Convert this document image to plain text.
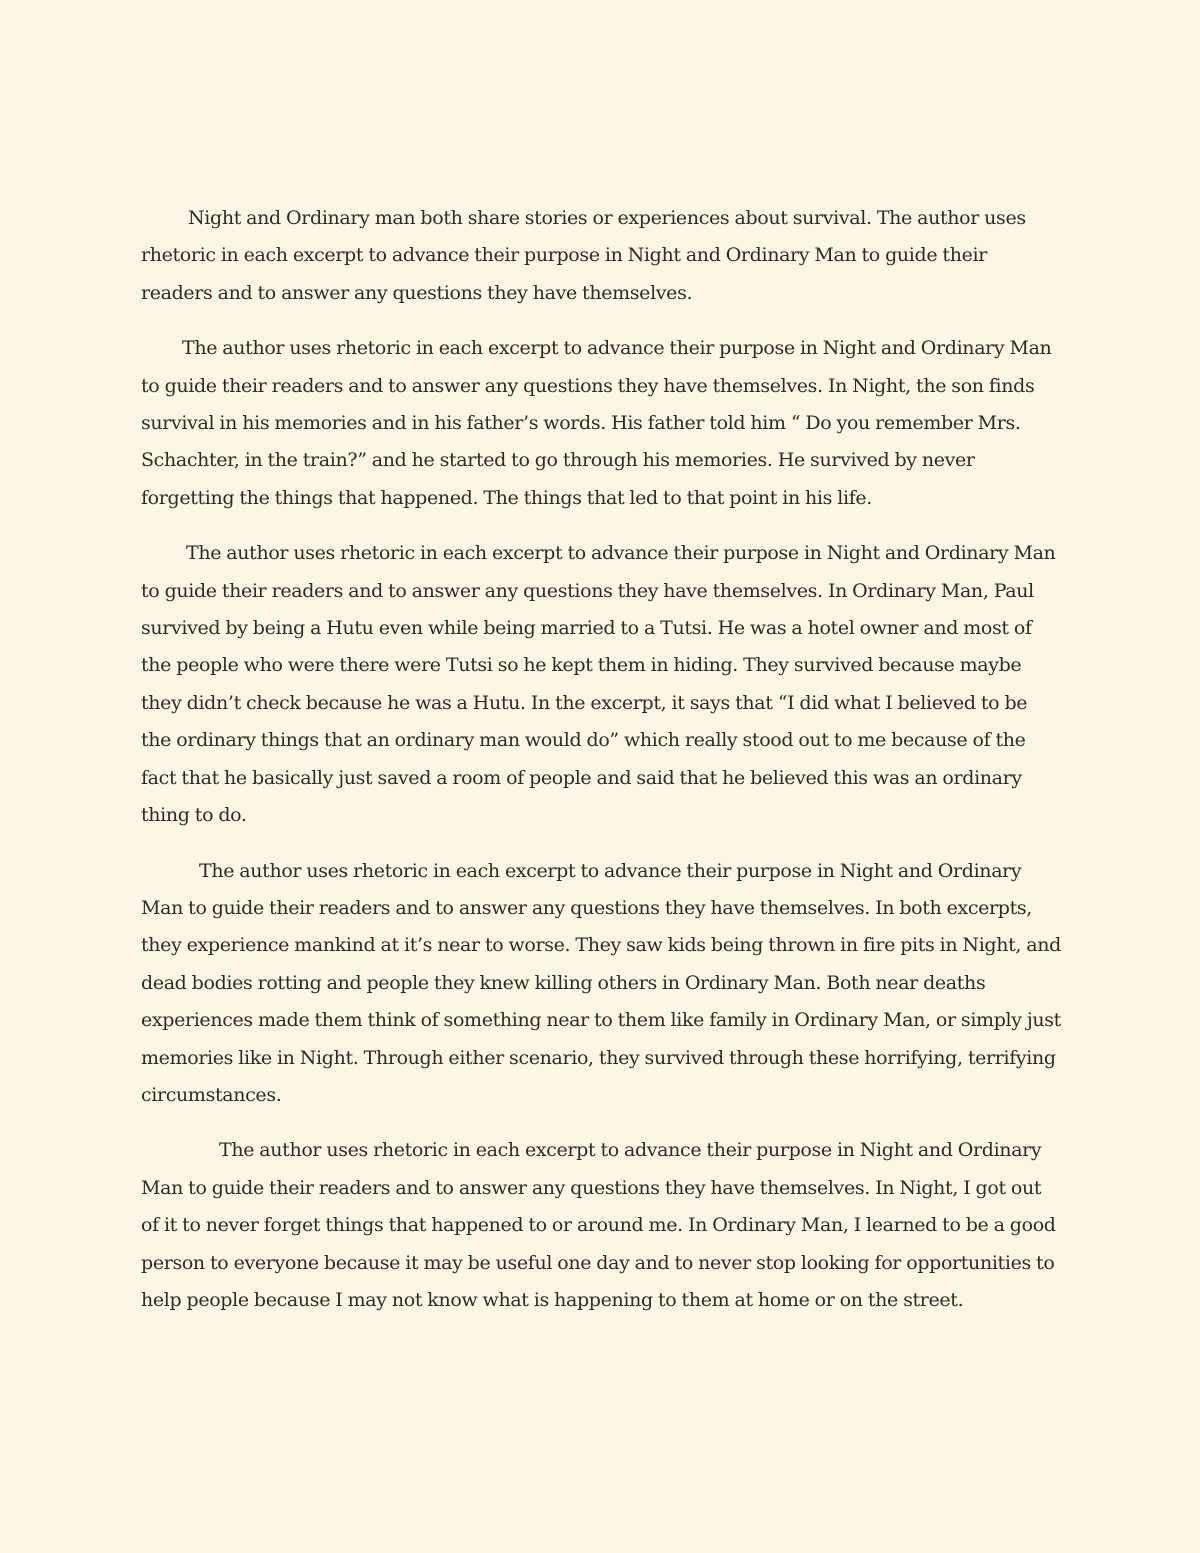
Night and Ordinary man both share stories or experiences about survival. The author uses rhetoric in each excerpt to advance their purpose in Night and Ordinary Man to guide their readers and to answer any questions they have themselves.

The author uses rhetoric in each excerpt to advance their purpose in Night and Ordinary Man to guide their readers and to answer any questions they have themselves. In Night, the son finds survival in his memories and in his father’s words. His father told him “ Do you remember Mrs. Schachter, in the train?” and he started to go through his memories. He survived by never forgetting the things that happened. The things that led to that point in his life.

The author uses rhetoric in each excerpt to advance their purpose in Night and Ordinary Man to guide their readers and to answer any questions they have themselves. In Ordinary Man, Paul survived by being a Hutu even while being married to a Tutsi. He was a hotel owner and most of the people who were there were Tutsi so he kept them in hiding. They survived because maybe they didn’t check because he was a Hutu. In the excerpt, it says that “I did what I believed to be the ordinary things that an ordinary man would do” which really stood out to me because of the fact that he basically just saved a room of people and said that he believed this was an ordinary thing to do.

The author uses rhetoric in each excerpt to advance their purpose in Night and Ordinary Man to guide their readers and to answer any questions they have themselves. In both excerpts, they experience mankind at it’s near to worse. They saw kids being thrown in fire pits in Night, and dead bodies rotting and people they knew killing others in Ordinary Man. Both near deaths experiences made them think of something near to them like family in Ordinary Man, or simply just memories like in Night. Through either scenario, they survived through these horrifying, terrifying circumstances.

The author uses rhetoric in each excerpt to advance their purpose in Night and Ordinary Man to guide their readers and to answer any questions they have themselves. In Night, I got out of it to never forget things that happened to or around me. In Ordinary Man, I learned to be a good person to everyone because it may be useful one day and to never stop looking for opportunities to help people because I may not know what is happening to them at home or on the street.
